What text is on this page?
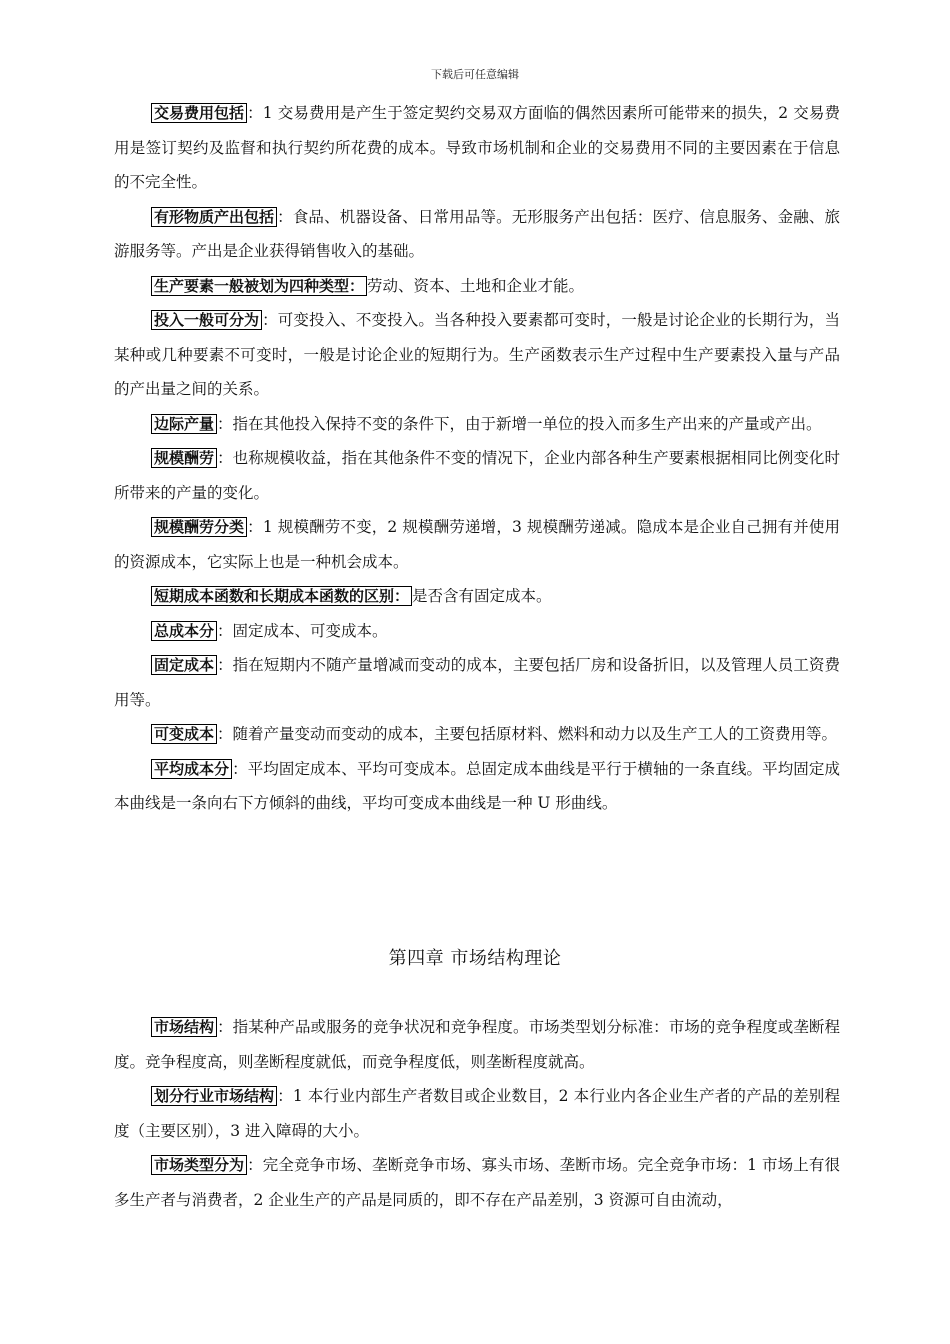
下载后可任意编辑

交易费用包括 ：1 交易费用是产生于签定契约交易双方面临的偶然因素所可能带来的损失，2 交易费用是签订契约及监督和执行契约所花费的成本。导致市场机制和企业的交易费用不同的主要因素在于信息的不完全性。

有形物质产出包括 ：食品、机器设备、日常用品等。无形服务产出包括：医疗、信息服务、金融、旅游服务等。产出是企业获得销售收入的基础。

生产要素一般被划为四种类型： 劳动、资本、土地和企业才能。

投入一般可分为 ：可变投入、不变投入。当各种投入要素都可变时，一般是讨论企业的长期行为，当某种或几种要素不可变时，一般是讨论企业的短期行为。生产函数表示生产过程中生产要素投入量与产品的产出量之间的关系。

边际产量 ：指在其他投入保持不变的条件下，由于新增一单位的投入而多生产出来的产量或产出。

规模酬劳 ：也称规模收益，指在其他条件不变的情况下，企业内部各种生产要素根据相同比例变化时所带来的产量的变化。

规模酬劳分类 ：1 规模酬劳不变，2 规模酬劳递增，3 规模酬劳递减。隐成本是企业自己拥有并使用的资源成本，它实际上也是一种机会成本。

短期成本函数和长期成本函数的区别： 是否含有固定成本。

总成本分 ：固定成本、可变成本。

固定成本 ：指在短期内不随产量增减而变动的成本，主要包括厂房和设备折旧，以及管理人员工资费用等。

可变成本 ：随着产量变动而变动的成本，主要包括原材料、燃料和动力以及生产工人的工资费用等。

平均成本分 ：平均固定成本、平均可变成本。总固定成本曲线是平行于横轴的一条直线。平均固定成本曲线是一条向右下方倾斜的曲线，平均可变成本曲线是一种 U 形曲线。

第四章 市场结构理论

市场结构 ：指某种产品或服务的竞争状况和竞争程度。市场类型划分标准：市场的竞争程度或垄断程度。竞争程度高，则垄断程度就低，而竞争程度低，则垄断程度就高。

划分行业市场结构 ：1 本行业内部生产者数目或企业数目，2 本行业内各企业生产者的产品的差别程度（主要区别），3 进入障碍的大小。

市场类型分为 ：完全竞争市场、垄断竞争市场、寡头市场、垄断市场。完全竞争市场：1 市场上有很多生产者与消费者，2 企业生产的产品是同质的，即不存在产品差别，3 资源可自由流动，
